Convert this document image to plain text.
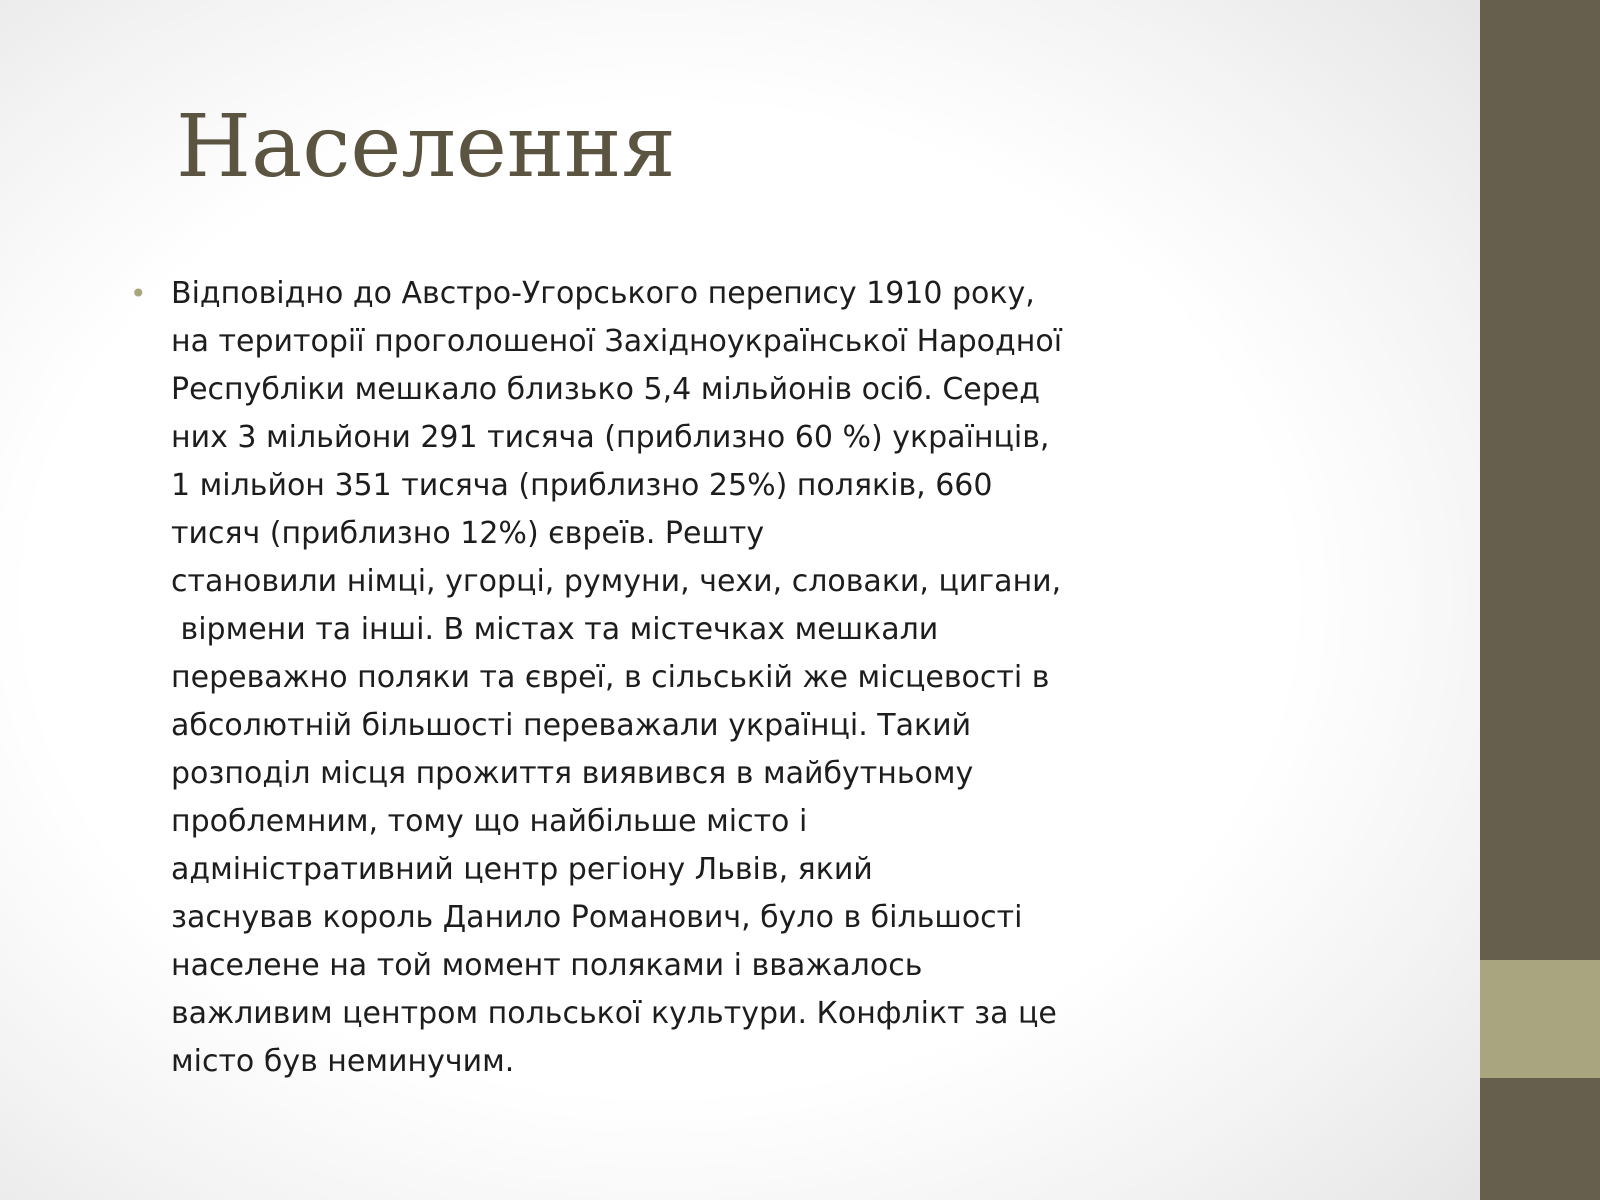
Населення
• Відповідно до Австро-Угорського перепису 1910 року,
на території проголошеної Західноукраїнської Народної
Республіки мешкало близько 5,4 мільйонів осіб. Серед
них 3 мільйони 291 тисяча (приблизно 60 %) українців,
1 мільйон 351 тисяча (приблизно 25%) поляків, 660
тисяч (приблизно 12%) євреїв. Решту
становили німці, угорці, румуни, чехи, словаки, цигани,
вірмени та інші. В містах та містечках мешкали
переважно поляки та євреї, в сільській же місцевості в
абсолютній більшості переважали українці. Такий
розподіл місця прожиття виявився в майбутньому
проблемним, тому що найбільше місто і
адміністративний центр регіону Львів, який
заснував король Данило Романович, було в більшості
населене на той момент поляками і вважалось
важливим центром польської культури. Конфлікт за це
місто був неминучим.
